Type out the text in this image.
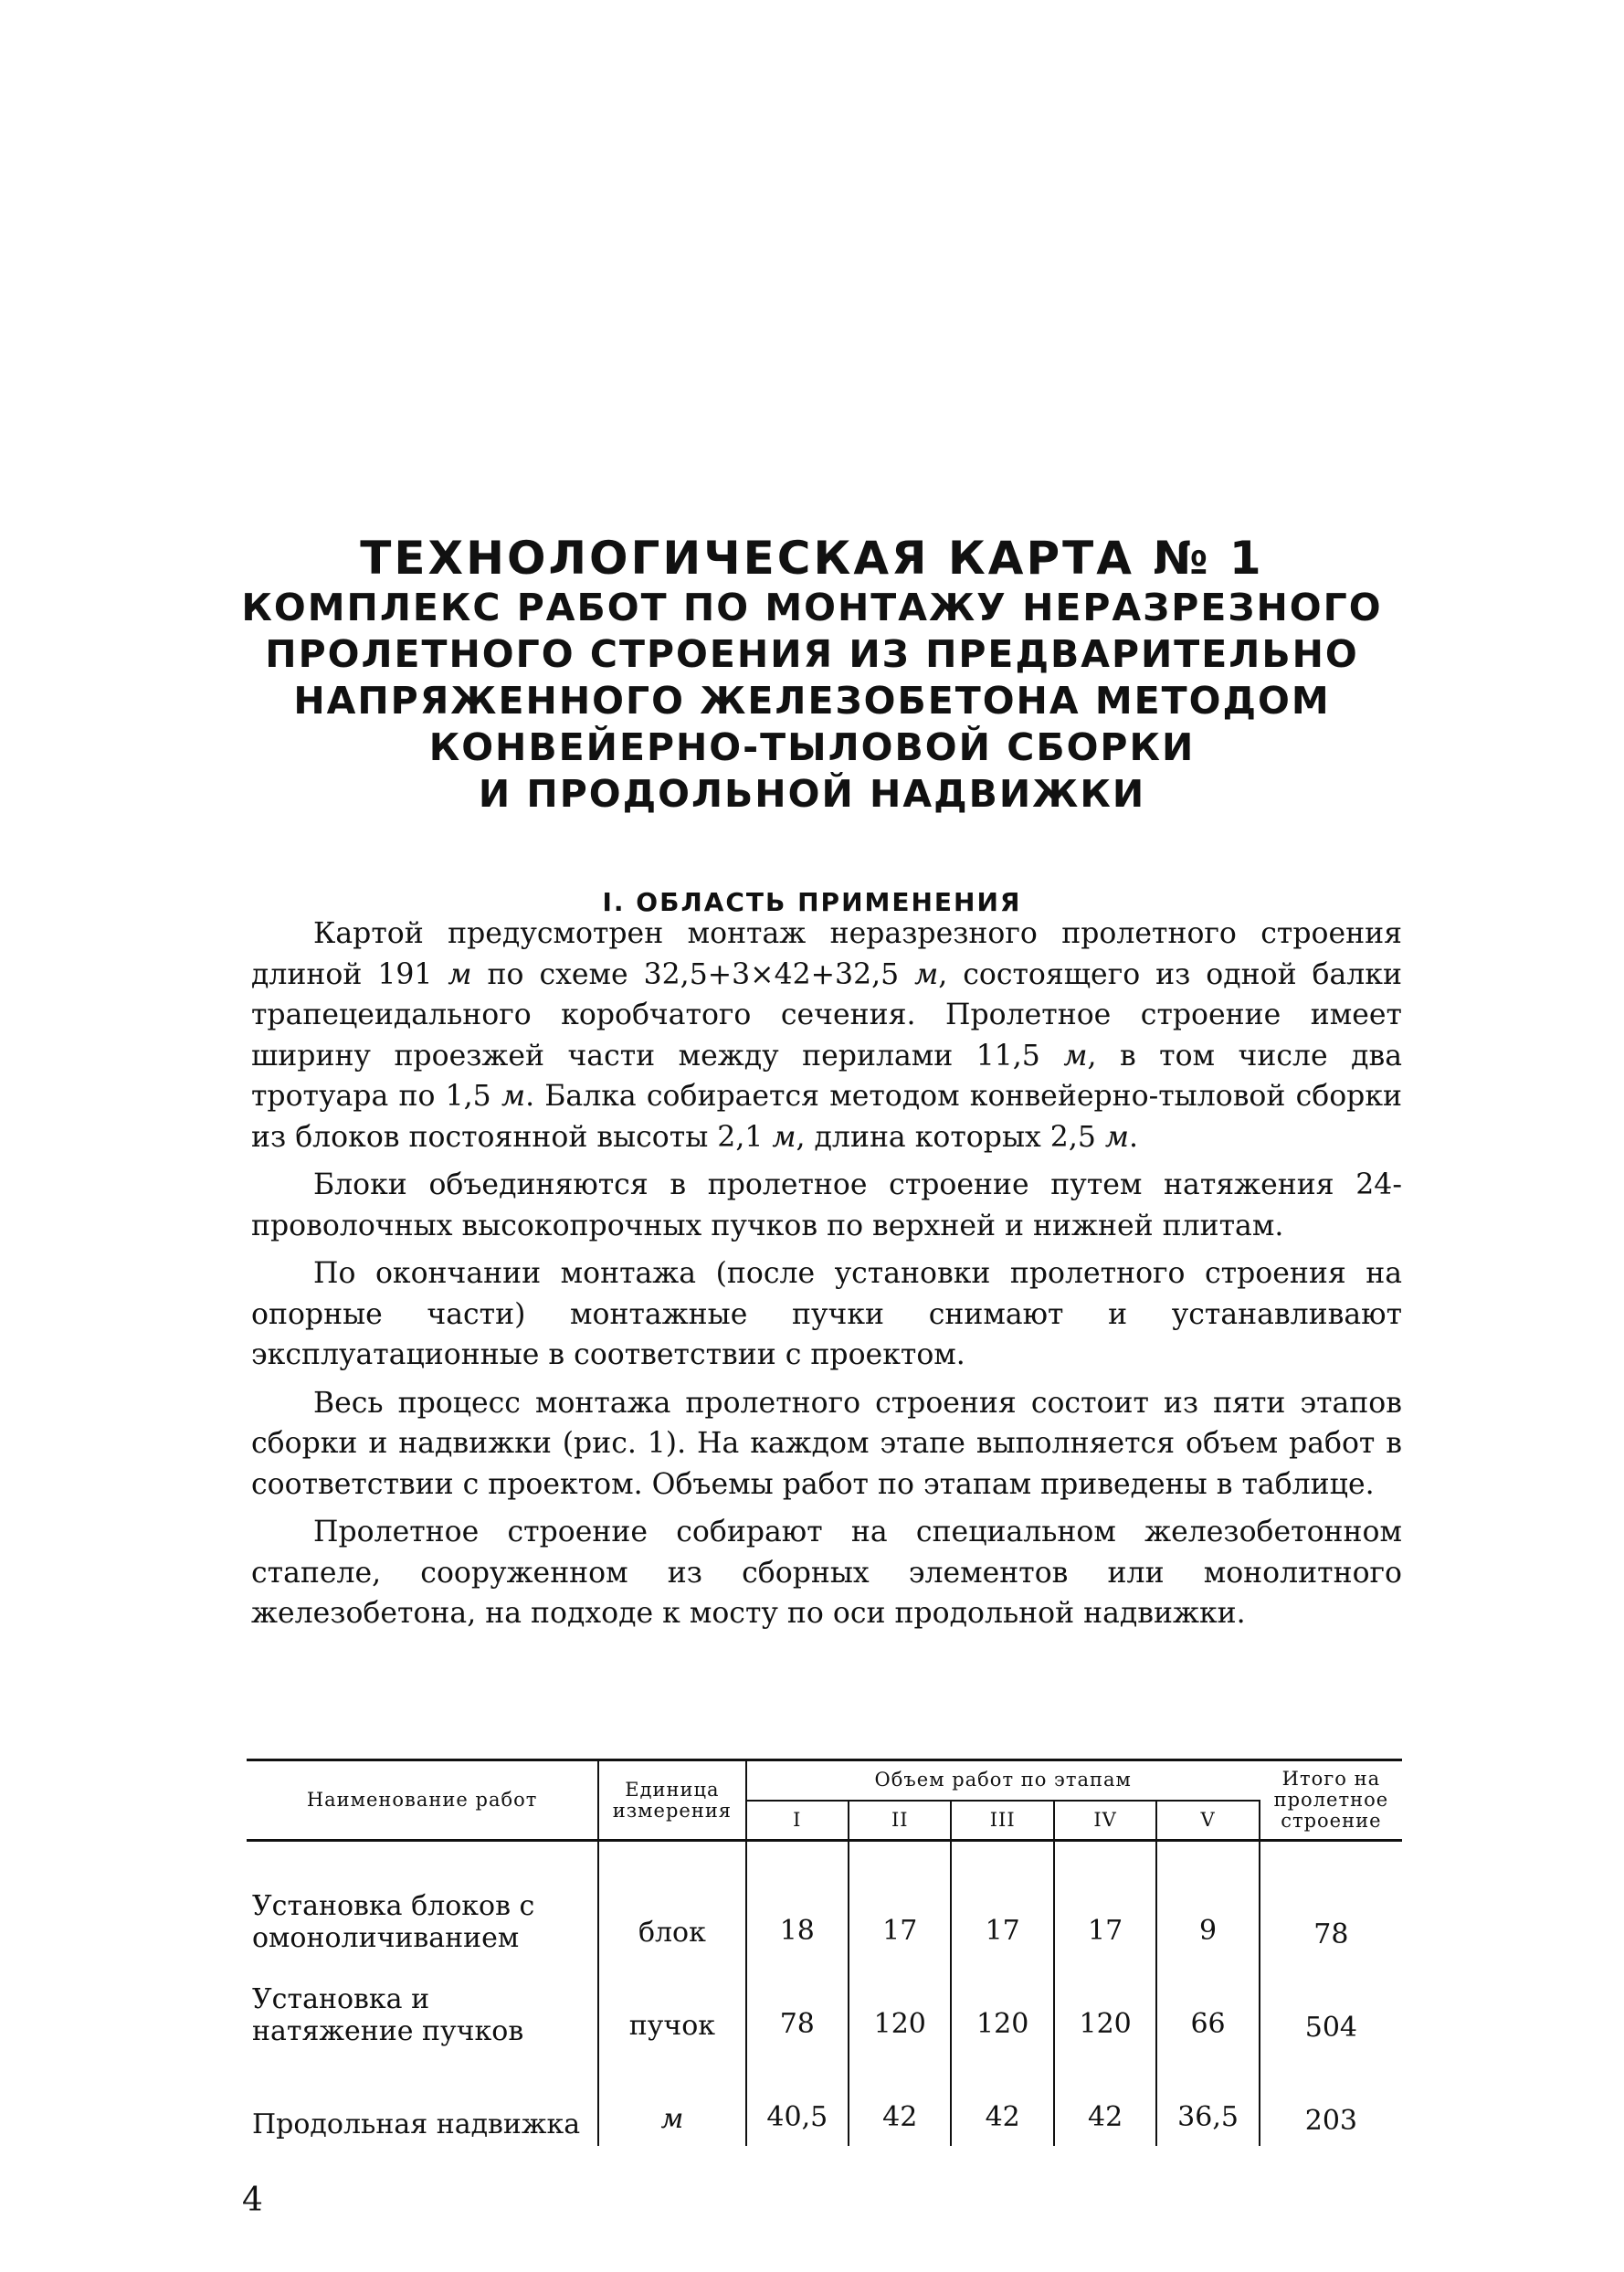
ТЕХНОЛОГИЧЕСКАЯ КАРТА № 1
КОМПЛЕКС РАБОТ ПО МОНТАЖУ НЕРАЗРЕЗНОГО
ПРОЛЕТНОГО СТРОЕНИЯ ИЗ ПРЕДВАРИТЕЛЬНО
НАПРЯЖЕННОГО ЖЕЛЕЗОБЕТОНА МЕТОДОМ
КОНВЕЙЕРНО-ТЫЛОВОЙ СБОРКИ
И ПРОДОЛЬНОЙ НАДВИЖКИ
I. ОБЛАСТЬ ПРИМЕНЕНИЯ

Картой предусмотрен монтаж неразрезного пролетного строения длиной 191 м по схеме 32,5+3×42+32,5 м, состоящего из одной балки трапецеидального коробчатого сечения. Пролетное строение имеет ширину проезжей части между перилами 11,5 м, в том числе два тротуара по 1,5 м. Балка собирается методом конвейерно-тыловой сборки из блоков постоянной высоты 2,1 м, длина которых 2,5 м.

Блоки объединяются в пролетное строение путем натяжения 24-проволочных высокопрочных пучков по верхней и нижней плитам.

По окончании монтажа (после установки пролетного строения на опорные части) монтажные пучки снимают и устанавливают эксплуатационные в соответствии с проектом.

Весь процесс монтажа пролетного строения состоит из пяти этапов сборки и надвижки (рис. 1). На каждом этапе выполняется объем работ в соответствии с проектом. Объемы работ по этапам приведены в таблице.

Пролетное строение собирают на специальном железобетонном стапеле, сооруженном из сборных элементов или монолитного железобетона, на подходе к мосту по оси продольной надвижки.

Наименование работ	Единица измерения	Объем работ по этапам					Итого на пролетное строение
		I	II	III	IV	V	
Установка блоков с омоноличиванием	блок	18	17	17	17	9	78
Установка и натяжение пучков	пучок	78	120	120	120	66	504
Продольная надвижка	м	40,5	42	42	42	36,5	203
4
